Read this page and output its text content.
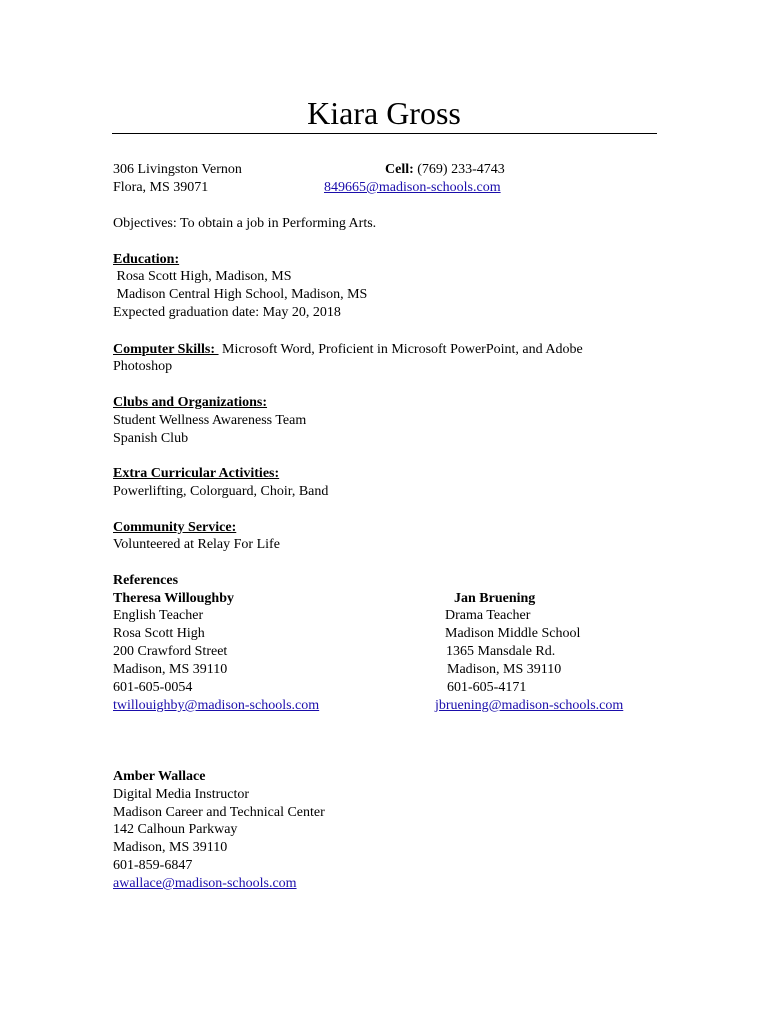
Kiara Gross
306 Livingston Vernon	Cell: (769) 233-4743
Flora, MS 39071	849665@madison-schools.com
Objectives: To obtain a job in Performing Arts.
Education:
Rosa Scott High, Madison, MS
Madison Central High School, Madison, MS
Expected graduation date: May 20, 2018
Computer Skills:  Microsoft Word, Proficient in Microsoft PowerPoint, and Adobe
Photoshop
Clubs and Organizations:
Student Wellness Awareness Team
Spanish Club
Extra Curricular Activities:
Powerlifting, Colorguard, Choir, Band
Community Service:
Volunteered at Relay For Life
References
Theresa Willoughby
English Teacher
Rosa Scott High
200 Crawford Street
Madison, MS 39110
601-605-0054
twillouighby@madison-schools.com
Jan Bruening
Drama Teacher
Madison Middle School
1365 Mansdale Rd.
Madison, MS 39110
601-605-4171
jbruening@madison-schools.com
Amber Wallace
Digital Media Instructor
Madison Career and Technical Center
142 Calhoun Parkway
Madison, MS 39110
601-859-6847
awallace@madison-schools.com
